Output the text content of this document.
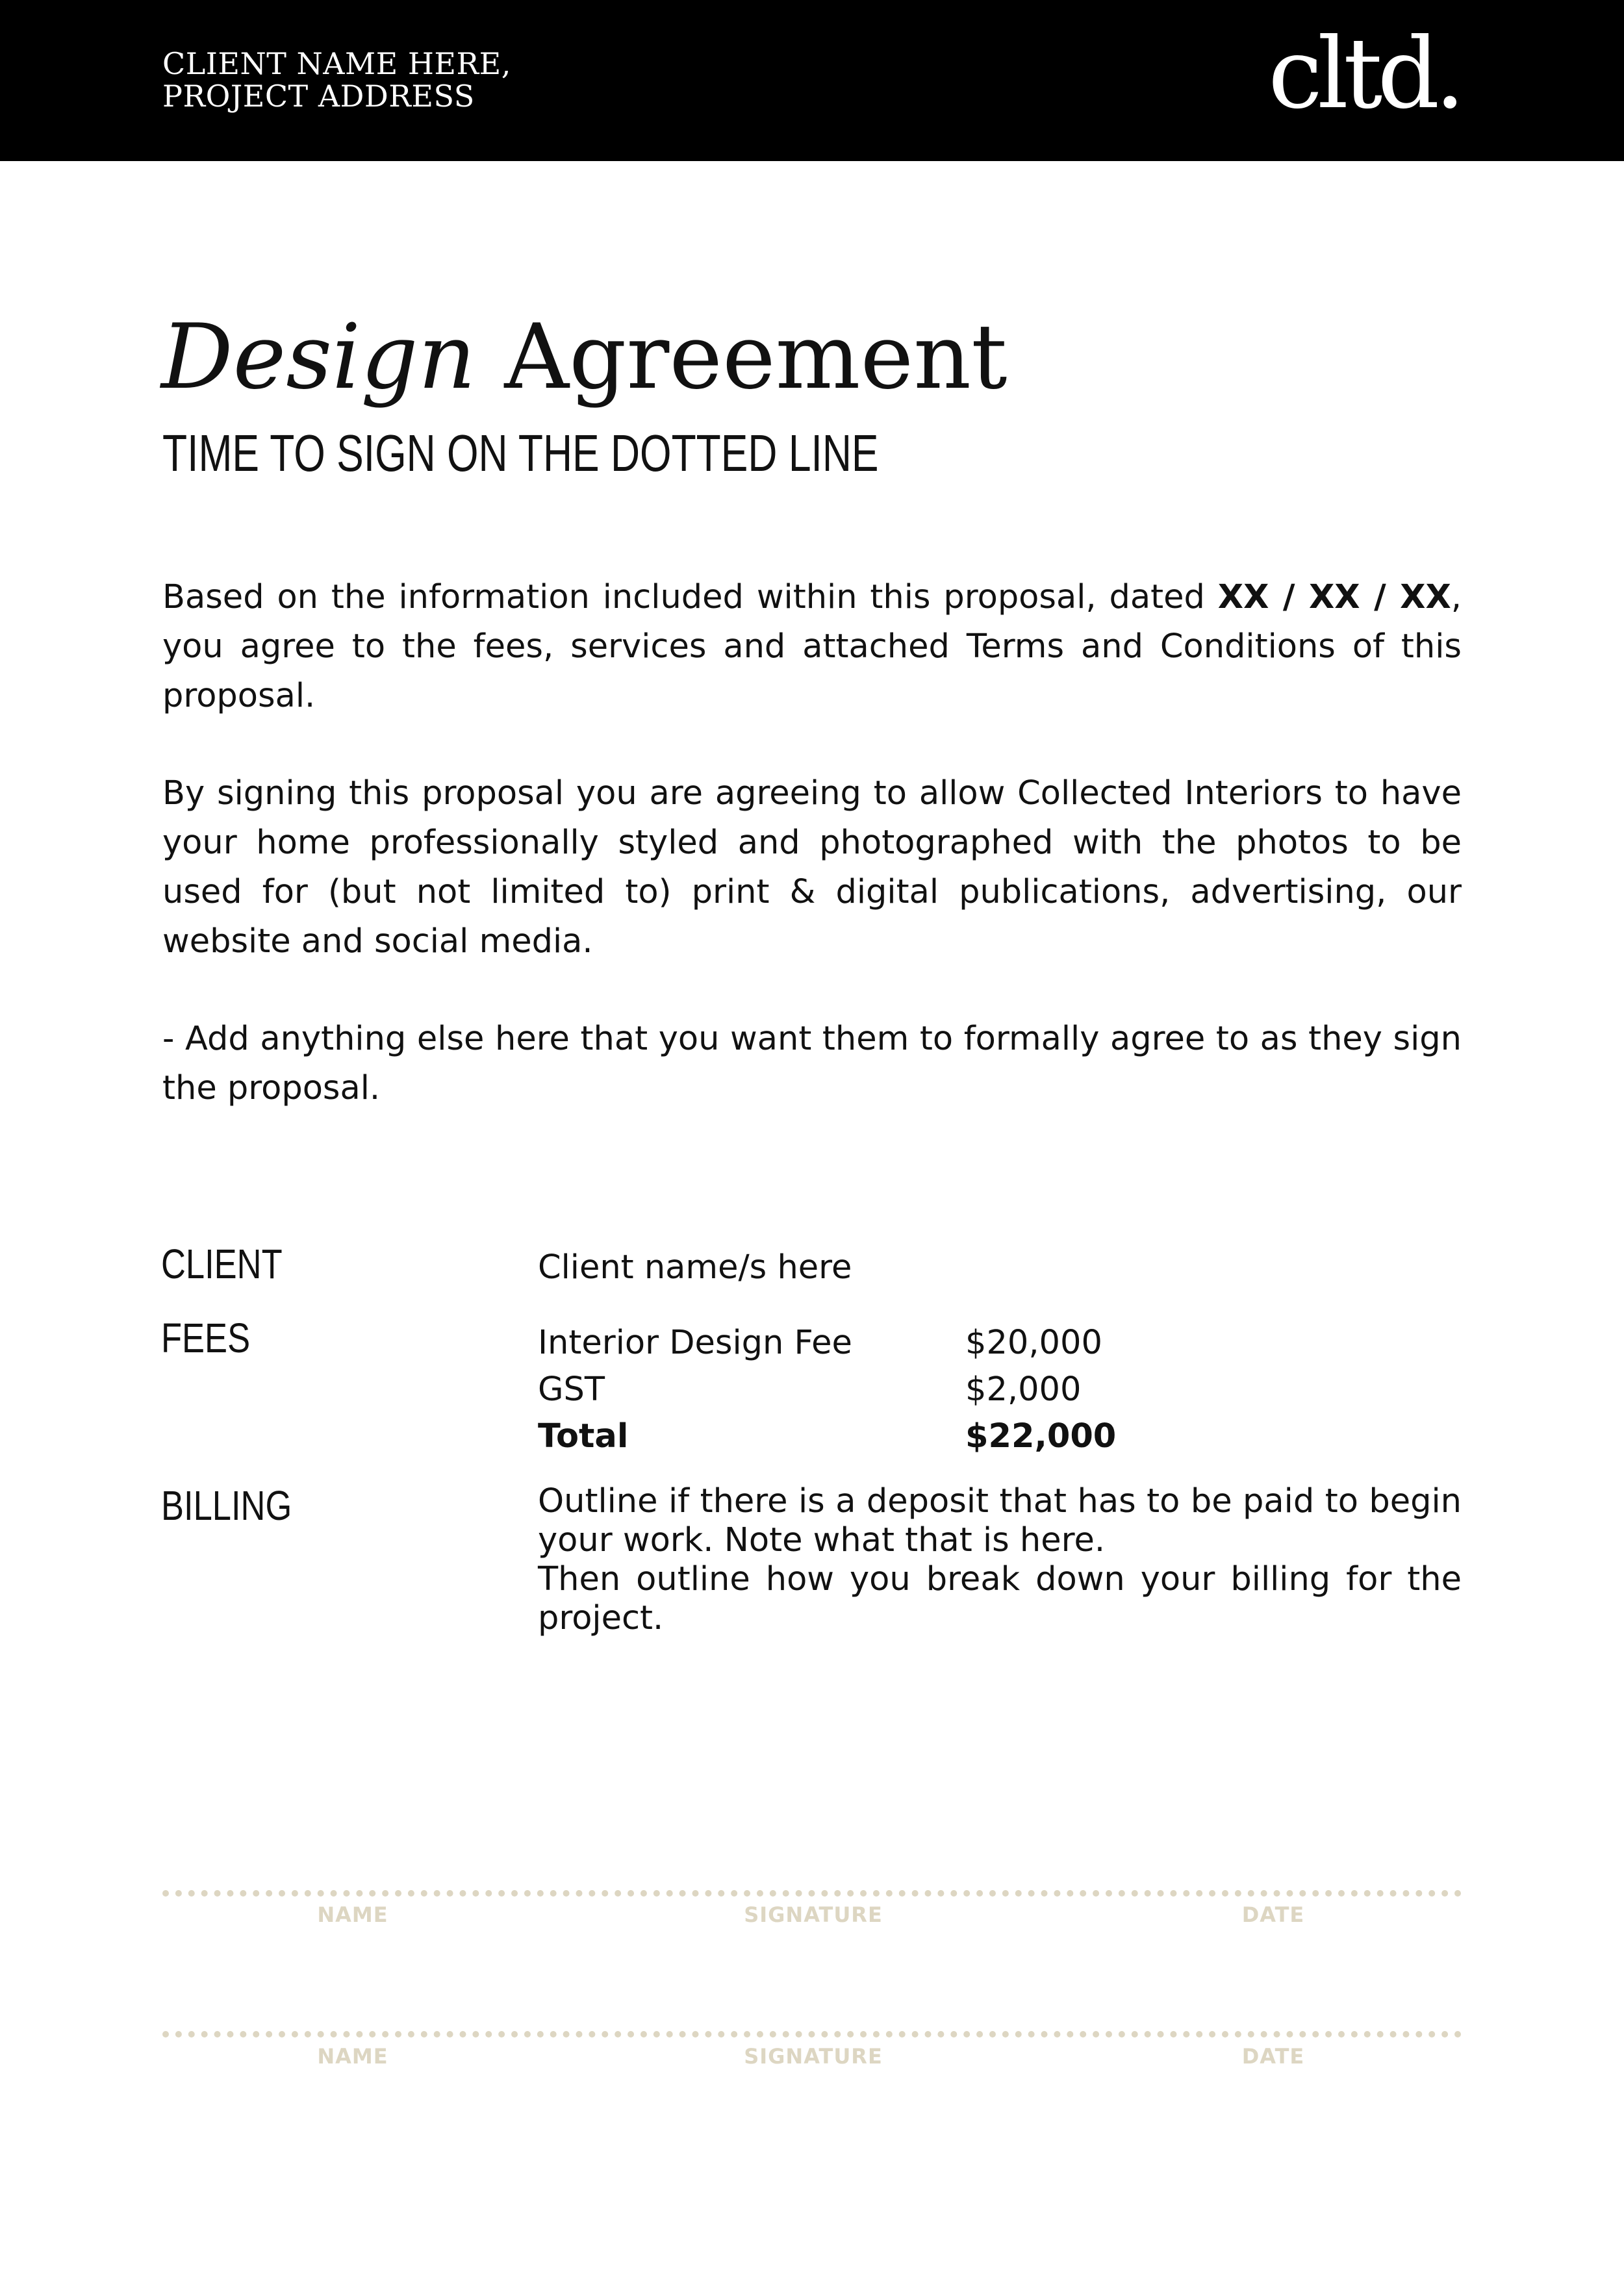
CLIENT NAME HERE,
PROJECT ADDRESS	cltd.
Design Agreement
TIME TO SIGN ON THE DOTTED LINE

Based on the information included within this proposal, dated XX / XX / XX, you agree to the fees, services and attached Terms and Conditions of this proposal.

By signing this proposal you are agreeing to allow Collected Interiors to have your home professionally styled and photographed with the photos to be used for (but not limited to) print & digital publications, advertising, our website and social media.

- Add anything else here that you want them to formally agree to as they sign the proposal.

CLIENT	Client name/s here
FEES	Interior Design Fee	$20,000
GST	$2,000
Total	$22,000
BILLING	Outline if there is a deposit that has to be paid to begin
your work. Note what that is here.
Then outline how you break down your billing for the
project.
NAME	SIGNATURE	DATE
NAME	SIGNATURE	DATE
